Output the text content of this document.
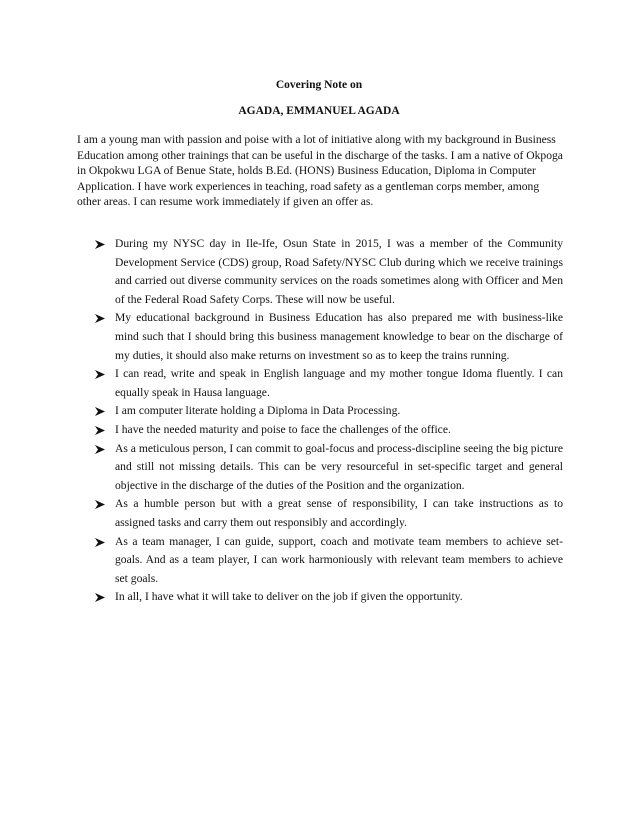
Covering Note on
AGADA, EMMANUEL AGADA

I am a young man with passion and poise with a lot of initiative along with my background in Business Education among other trainings that can be useful in the discharge of the tasks. I am a native of Okpoga in Okpokwu LGA of Benue State, holds B.Ed. (HONS) Business Education, Diploma in Computer Application. I have work experiences in teaching, road safety as a gentleman corps member, among other areas. I can resume work immediately if given an offer as.

During my NYSC day in Ile-Ife, Osun State in 2015, I was a member of the Community Development Service (CDS) group, Road Safety/NYSC Club during which we receive trainings and carried out diverse community services on the roads sometimes along with Officer and Men of the Federal Road Safety Corps. These will now be useful.
My educational background in Business Education has also prepared me with business-like mind such that I should bring this business management knowledge to bear on the discharge of my duties, it should also make returns on investment so as to keep the trains running.
I can read, write and speak in English language and my mother tongue Idoma fluently. I can equally speak in Hausa language.
I am computer literate holding a Diploma in Data Processing.
I have the needed maturity and poise to face the challenges of the office.
As a meticulous person, I can commit to goal-focus and process-discipline seeing the big picture and still not missing details. This can be very resourceful in set-specific target and general objective in the discharge of the duties of the Position and the organization.
As a humble person but with a great sense of responsibility, I can take instructions as to assigned tasks and carry them out responsibly and accordingly.
As a team manager, I can guide, support, coach and motivate team members to achieve set-goals. And as a team player, I can work harmoniously with relevant team members to achieve set goals.
In all, I have what it will take to deliver on the job if given the opportunity.
